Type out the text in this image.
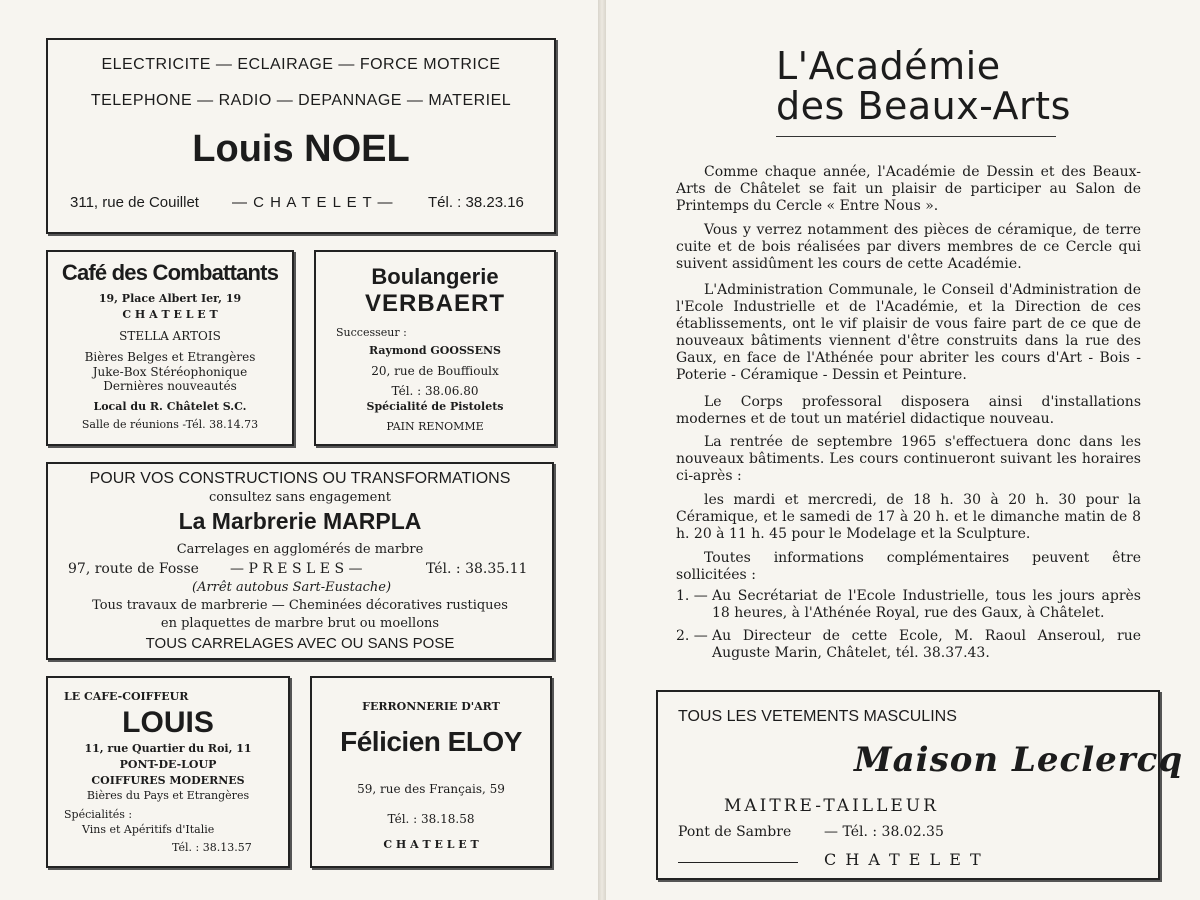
ELECTRICITE — ECLAIRAGE — FORCE MOTRICE
TELEPHONE — RADIO — DEPANNAGE — MATERIEL
Louis NOEL
311, rue de Couillet — C H A T E L E T — Tél. : 38.23.16
Café des Combattants
19, Place Albert Ier, 19
C H A T E L E T
STELLA ARTOIS
Bières Belges et Etrangères
Juke-Box Stéréophonique
Dernières nouveautés
Local du R. Châtelet S.C.
Salle de réunions -Tél. 38.14.73
Boulangerie
VERBAERT
Successeur :
Raymond GOOSSENS
20, rue de Bouffioulx
Tél. : 38.06.80
Spécialité de Pistolets
PAIN RENOMME
POUR VOS CONSTRUCTIONS OU TRANSFORMATIONS
consultez sans engagement
La Marbrerie MARPLA
Carrelages en agglomérés de marbre
97, route de Fosse — P R E S L E S —	Tél. : 38.35.11
(Arrêt autobus Sart-Eustache)
Tous travaux de marbrerie — Cheminées décoratives rustiques
en plaquettes de marbre brut ou moellons
TOUS CARRELAGES AVEC OU SANS POSE
LE CAFE-COIFFEUR
LOUIS
11, rue Quartier du Roi, 11
PONT-DE-LOUP
COIFFURES MODERNES
Bières du Pays et Etrangères
Spécialités :
Vins et Apéritifs d'Italie
Tél. : 38.13.57
FERRONNERIE D'ART
Félicien ELOY
59, rue des Français, 59
Tél. : 38.18.58
C H A T E L E T
L'Académie
des Beaux-Arts

Comme chaque année, l'Académie de Dessin et des Beaux-Arts de Châtelet se fait un plaisir de participer au Salon de Printemps du Cercle « Entre Nous ».

Vous y verrez notamment des pièces de céramique, de terre cuite et de bois réalisées par divers membres de ce Cercle qui suivent assidûment les cours de cette Académie.

L'Administration Communale, le Conseil d'Administration de l'Ecole Industrielle et de l'Académie, et la Direction de ces établissements, ont le vif plaisir de vous faire part de ce que de nouveaux bâtiments viennent d'être construits dans la rue des Gaux, en face de l'Athénée pour abriter les cours d'Art - Bois - Poterie - Céramique - Dessin et Peinture.

Le Corps professoral disposera ainsi d'installations modernes et de tout un matériel didactique nouveau.

La rentrée de septembre 1965 s'effectuera donc dans les nouveaux bâtiments. Les cours continueront suivant les horaires ci-après :

les mardi et mercredi, de 18 h. 30 à 20 h. 30 pour la Céramique, et le samedi de 17 à 20 h. et le dimanche matin de 8 h. 20 à 11 h. 45 pour le Modelage et la Sculpture.

Toutes informations complémentaires peuvent être sollicitées :

1. — Au Secrétariat de l'Ecole Industrielle, tous les jours après 18 heures, à l'Athénée Royal, rue des Gaux, à Châtelet.
2. — Au Directeur de cette Ecole, M. Raoul Anseroul, rue Auguste Marin, Châtelet, tél. 38.37.43.
TOUS LES VETEMENTS MASCULINS
Maison Leclercq
MAITRE-TAILLEUR
Pont de Sambre — Tél. : 38.02.35
C H A T E L E T
